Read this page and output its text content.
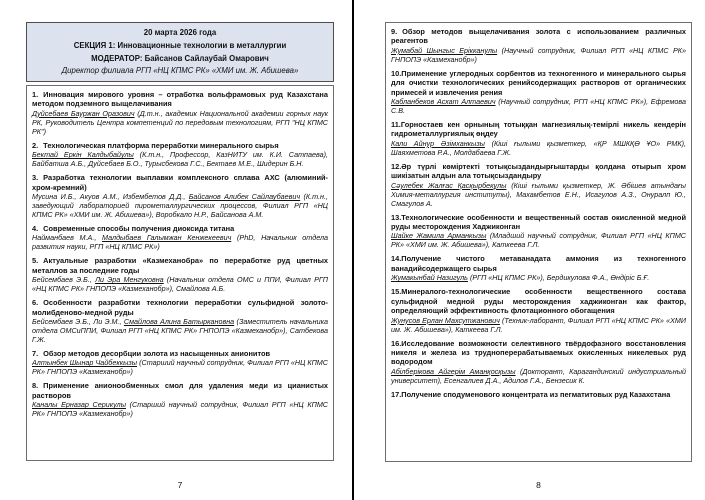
20 марта 2026 года
СЕКЦИЯ 1: Инновационные технологии в металлургии
МОДЕРАТОР: Байсанов Сайлаубай Омарович
Директор филиала РГП «НЦ КПМС РК» «ХМИ им. Ж. Абишева»

1. Инновация мирового уровня – отработка вольфрамовых руд Казахстана методом подземного выщелачивания

Дуйсебаев Бауржан Оразович (Д.т.н., академик Национальной академии горных наук РК, Руководитель Центра компетенций по передовым технологиям, РГП "НЦ КПМС РК")

2. Технологическая платформа переработки минерального сырья

Бектай Еркін Калдыбайулы (К.т.н., Профессор, КазНИТУ им. К.И. Сатпаева), Байбатша А.Б., Дуйсебаев Б.О., Турысбекова Г.С., Бектаев М.Е., Шидерин Б.Н.

3. Разработка технологии выплавки комплексного сплава АХС (алюминий-хром-кремний)

Мусина И.Б., Акуов А.М., Избембетов Д.Д., Байсанов Алибек Сайлаубаевич (К.т.н., заведующий лабораторией пирометаллургических процессов, Филиал РГП «НЦ КПМС РК» «ХМИ им. Ж. Абишева»), Воробкало Н.Р., Байсанова А.М.

4. Современные способы получения диоксида титана

Найманбаев М.А., Малдыбаев Галымжан Кенжекеевич (PhD, Начальник отдела развития науки, РГП «НЦ КПМС РК»)

5. Актуальные разработки «Казмеханобра» по переработке руд цветных металлов за последние годы

Бейсембаев Э.Б., Ли Эра Менгуковна (Начальник отдела ОМС и ППИ, Филиал РГП «НЦ КПМС РК» ГНПОПЭ «Казмеханобр»), Смайлова А.Б.

6. Особенности разработки технологии переработки сульфидной золото-молибденово-медной руды

Бейсембаев Э.Б., Ли Э.М., Смайлова Алина Батыркановна (Заместитель начальника отдела ОМСиППИ, Филиал РГП «НЦ КПМС РК» ГНПОПЭ «Казмеханобр»), Сатбекова Г.Ж.

7. Обзор методов десорбции золота из насыщенных анионитов

Алтынбек Шынар Чайбеккызы (Старший научный сотрудник, Филиал РГП «НЦ КПМС РК» ГНПОПЭ «Казмеханобр»)

8. Применение анионообменных смол для удаления меди из цианистых растворов

Каналы Ерназар Серикулы (Старший научный сотрудник, Филиал РГП «НЦ КПМС РК» ГНПОПЭ «Казмеханобр»)

7

9. Обзор методов выщелачивания золота с использованием различных реагентов

Жумабай Шынгыс Ерікканулы (Научный сотрудник, Филиал РГП «НЦ КПМС РК» ГНПОПЭ «Казмеханобр»)

10.Применение углеродных сорбентов из техногенного и минерального сырья для очистки технологических ренийсодержащих растворов от органических примесей и извлечения рения

Кабланбеков Асхат Алтаевич (Научный сотрудник, РГП «НЦ КПМС РК»), Ефремова С.В.

11.Горностаев кен орнының тотыққан магнезиялық-темірлі никель кендерін гидрометаллургиялық өңдеу

Кали Айнур Әзімханкызы (Кіші ғылыми қызметкер, «ҚР МШКҚӨ ҰО» РМК), Шаяхметова Р.А., Молдабаева Г.Ж.

12.Әр түрлі көміртекті тотықсыздандырғыштарды қолдана отырып хром шикізатын алдын ала тотықсыздандыру

Сәулебек Жалғас Қасқырбекұлы (Кіші ғылыми қызметкер, Ж. Әбішев атындағы Химия-металлургия институты), Махамбетов Е.Н., Исагулов А.З., Онуралп Ю., Смагулов А.

13.Технологические особенности и вещественный состав окисленной медной руды месторождения Хаджиконган

Шайке Жамила Арманкызы (Младший научный сотрудник, Филиал РГП «НЦ КПМС РК» «ХМИ им. Ж. Абишева»), Каткеева Г.Л.

14.Получение чистого метаванадата аммония из техногенного ванадийсодержащего сырья

Жумакынбай Назигуль (РГП «НЦ КПМС РК»), Бердикулова Ф.А., Өндіріс Б.Ғ.

15.Минералого-технологические особенности вещественного состава сульфидной медной руды месторождения хаджиконган как фактор, определяющий эффективность флотационного обогащения

Жунусов Ерлан Махсутжанович (Техник-лаборант, Филиал РГП «НЦ КПМС РК» «ХМИ им. Ж. Абишева»), Каткеева Г.Л.

16.Исследование возможности селективного твёрдофазного восстановления никеля и железа из трудноперерабатываемых окисленных никелевых руд водородом

Абілберікова Айгерім Аманқосқызы (Докторант, Карагандинский индустриальный университет), Есенгалиев Д.А., Адилов Г.А., Бензесик К.

17.Получение сподуменового концентрата из пегматитовых руд Казахстана

8
